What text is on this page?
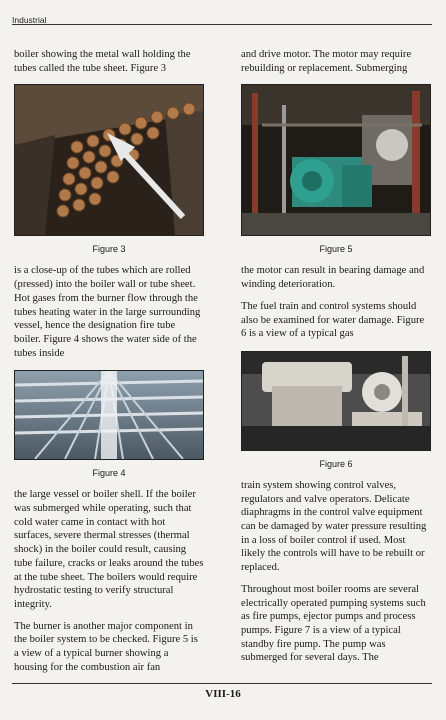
Industrial

boiler showing the metal wall holding the tubes called the tube sheet. Figure 3

Figure 3

is a close-up of the tubes which are rolled (pressed) into the boiler wall or tube sheet. Hot gases from the burner flow through the tubes heating water in the large surrounding vessel, hence the designation fire tube boiler. Figure 4 shows the water side of the tubes inside

Figure 4

the large vessel or boiler shell. If the boiler was submerged while operating, such that cold water came in contact with hot surfaces, severe thermal stresses (thermal shock) in the boiler could result, causing tube failure, cracks or leaks around the tubes at the tube sheet. The boilers would require hydrostatic testing to verify structural integrity.

The burner is another major component in the boiler system to be checked. Figure 5 is a view of a typical burner showing a housing for the combustion air fan

and drive motor. The motor may require rebuilding or replacement. Submerging

Figure 5

the motor can result in bearing damage and winding deterioration.

The fuel train and control systems should also be examined for water damage. Figure 6 is a view of a typical gas

Figure 6

train system showing control valves, regulators and valve operators. Delicate diaphragms in the control valve equipment can be damaged by water pressure resulting in a loss of boiler control if used. Most likely the controls will have to be rebuilt or replaced.

Throughout most boiler rooms are several electrically operated pumping systems such as fire pumps, ejector pumps and process pumps. Figure 7 is a view of a typical standby fire pump. The pump was submerged for several days. The

VIII-16
